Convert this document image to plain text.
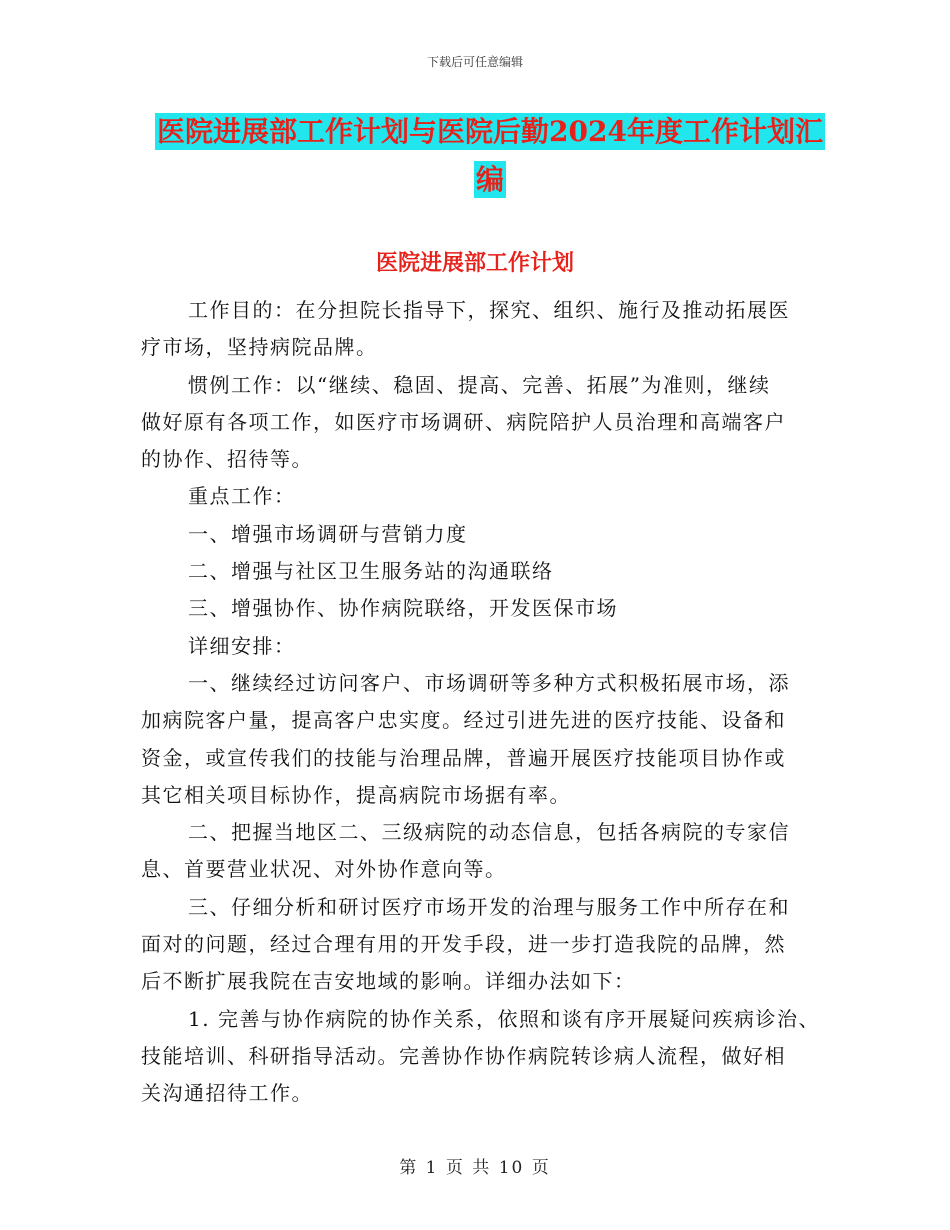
下载后可任意编辑
医院进展部工作计划与医院后勤2024年度工作计划汇
编
医院进展部工作计划
工作目的：在分担院长指导下，探究、组织、施行及推动拓展医
疗市场，坚持病院品牌。
惯例工作：以“继续、稳固、提高、完善、拓展”为准则，继续
做好原有各项工作，如医疗市场调研、病院陪护人员治理和高端客户
的协作、招待等。
重点工作：
一、增强市场调研与营销力度
二、增强与社区卫生服务站的沟通联络
三、增强协作、协作病院联络，开发医保市场
详细安排：
一、继续经过访问客户、市场调研等多种方式积极拓展市场，添
加病院客户量，提高客户忠实度。经过引进先进的医疗技能、设备和
资金，或宣传我们的技能与治理品牌，普遍开展医疗技能项目协作或
其它相关项目标协作，提高病院市场据有率。
二、把握当地区二、三级病院的动态信息，包括各病院的专家信
息、首要营业状况、对外协作意向等。
三、仔细分析和研讨医疗市场开发的治理与服务工作中所存在和
面对的问题，经过合理有用的开发手段，进一步打造我院的品牌，然
后不断扩展我院在吉安地域的影响。详细办法如下：
1. 完善与协作病院的协作关系，依照和谈有序开展疑问疾病诊治、
技能培训、科研指导活动。完善协作协作病院转诊病人流程，做好相
关沟通招待工作。
第 1 页 共 10 页
